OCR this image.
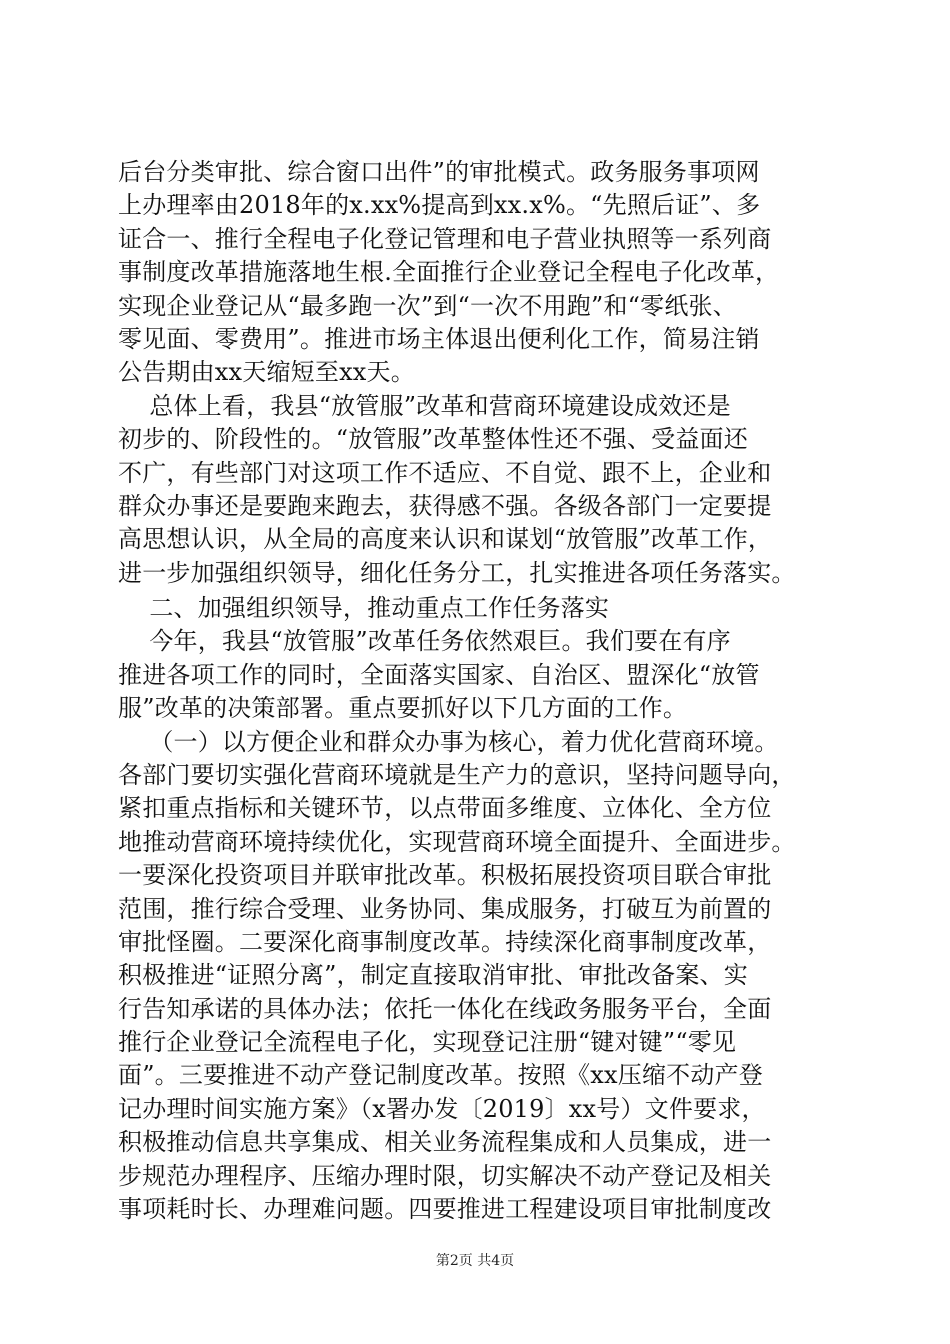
后台分类审批、综合窗口出件”的审批模式。政务服务事项网
上办理率由2018年的x.xx%提高到xx.x%。“先照后证”、多
证合一、推行全程电子化登记管理和电子营业执照等一系列商
事制度改革措施落地生根.全面推行企业登记全程电子化改革，
实现企业登记从“最多跑一次”到“一次不用跑”和“零纸张、
零见面、零费用”。推进市场主体退出便利化工作，简易注销
公告期由xx天缩短至xx天。
总体上看，我县“放管服”改革和营商环境建设成效还是
初步的、阶段性的。“放管服”改革整体性还不强、受益面还
不广，有些部门对这项工作不适应、不自觉、跟不上，企业和
群众办事还是要跑来跑去，获得感不强。各级各部门一定要提
高思想认识，从全局的高度来认识和谋划“放管服”改革工作，
进一步加强组织领导，细化任务分工，扎实推进各项任务落实。
二、加强组织领导，推动重点工作任务落实
今年，我县“放管服”改革任务依然艰巨。我们要在有序
推进各项工作的同时，全面落实国家、自治区、盟深化“放管
服”改革的决策部署。重点要抓好以下几方面的工作。
（一）以方便企业和群众办事为核心，着力优化营商环境。
各部门要切实强化营商环境就是生产力的意识，坚持问题导向，
紧扣重点指标和关键环节，以点带面多维度、立体化、全方位
地推动营商环境持续优化，实现营商环境全面提升、全面进步。
一要深化投资项目并联审批改革。积极拓展投资项目联合审批
范围，推行综合受理、业务协同、集成服务，打破互为前置的
审批怪圈。二要深化商事制度改革。持续深化商事制度改革，
积极推进“证照分离”，制定直接取消审批、审批改备案、实
行告知承诺的具体办法；依托一体化在线政务服务平台，全面
推行企业登记全流程电子化，实现登记注册“键对键”“零见
面”。三要推进不动产登记制度改革。按照《xx压缩不动产登
记办理时间实施方案》（x署办发〔2019〕xx号）文件要求，
积极推动信息共享集成、相关业务流程集成和人员集成，进一
步规范办理程序、压缩办理时限，切实解决不动产登记及相关
事项耗时长、办理难问题。四要推进工程建设项目审批制度改
第2页 共4页
